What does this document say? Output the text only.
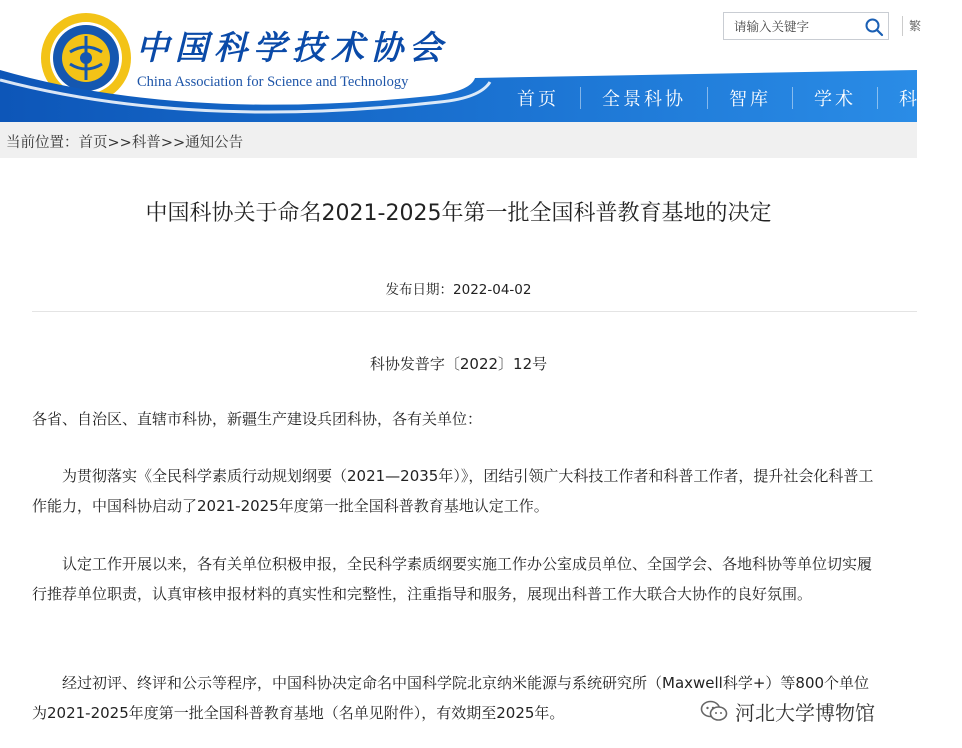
中国科学技术协会
China Association for Science and Technology
请输入关键字
繁
首页	全景科协	智库	学术	科普
当前位置：首页>>科普>>通知公告
中国科协关于命名2021-2025年第一批全国科普教育基地的决定
发布日期：2022-04-02
科协发普字〔2022〕12号

各省、自治区、直辖市科协，新疆生产建设兵团科协，各有关单位：

为贯彻落实《全民科学素质行动规划纲要（2021—2035年）》，团结引领广大科技工作者和科普工作者，提升社会化科普工作能力，中国科协启动了2021-2025年度第一批全国科普教育基地认定工作。

认定工作开展以来，各有关单位积极申报，全民科学素质纲要实施工作办公室成员单位、全国学会、各地科协等单位切实履行推荐单位职责，认真审核申报材料的真实性和完整性，注重指导和服务，展现出科普工作大联合大协作的良好氛围。

经过初评、终评和公示等程序，中国科协决定命名中国科学院北京纳米能源与系统研究所（Maxwell科学+）等800个单位为2021-2025年度第一批全国科普教育基地（名单见附件），有效期至2025年。	河北大学博物馆
